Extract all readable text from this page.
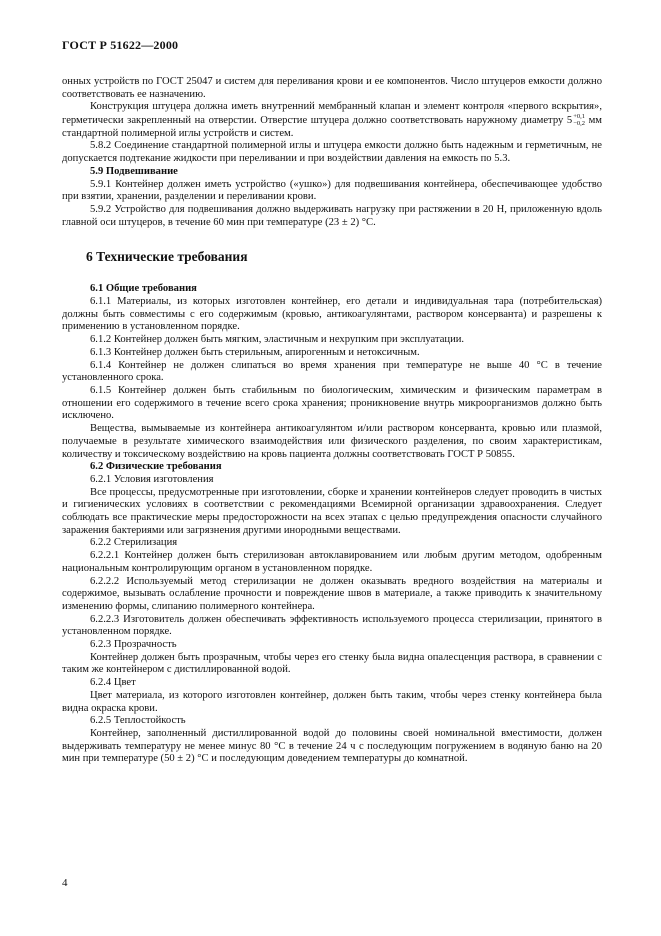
ГОСТ Р 51622—2000

онных устройств по ГОСТ 25047 и систем для переливания крови и ее компонентов. Число штуцеров емкости должно соответствовать ее назначению.

Конструкция штуцера должна иметь внутренний мембранный клапан и элемент контроля «первого вскрытия», герметически закрепленный на отверстии. Отверстие штуцера должно соответствовать наружному диаметру 5 +0,1
−0,2 мм стандартной полимерной иглы устройств и систем.

5.8.2 Соединение стандартной полимерной иглы и штуцера емкости должно быть надежным и герметичным, не допускается подтекание жидкости при переливании и при воздействии давления на емкость по 5.3.

5.9 Подвешивание

5.9.1 Контейнер должен иметь устройство («ушко») для подвешивания контейнера, обеспечивающее удобство при взятии, хранении, разделении и переливании крови.

5.9.2 Устройство для подвешивания должно выдерживать нагрузку при растяжении в 20 Н, приложенную вдоль главной оси штуцеров, в течение 60 мин при температуре (23 ± 2) °С.

6 Технические требования

6.1 Общие требования

6.1.1 Материалы, из которых изготовлен контейнер, его детали и индивидуальная тара (потребительская) должны быть совместимы с его содержимым (кровью, антикоагулянтами, раствором консерванта) и разрешены к применению в установленном порядке.

6.1.2 Контейнер должен быть мягким, эластичным и нехрупким при эксплуатации.

6.1.3 Контейнер должен быть стерильным, апирогенным и нетоксичным.

6.1.4 Контейнер не должен слипаться во время хранения при температуре не выше 40 °С в течение установленного срока.

6.1.5 Контейнер должен быть стабильным по биологическим, химическим и физическим параметрам в отношении его содержимого в течение всего срока хранения; проникновение внутрь микроорганизмов должно быть исключено.

Вещества, вымываемые из контейнера антикоагулянтом и/или раствором консерванта, кровью или плазмой, получаемые в результате химического взаимодействия или физического разделения, по своим характеристикам, количеству и токсическому воздействию на кровь пациента должны соответствовать ГОСТ Р 50855.

6.2 Физические требования

6.2.1 Условия изготовления

Все процессы, предусмотренные при изготовлении, сборке и хранении контейнеров следует проводить в чистых и гигиенических условиях в соответствии с рекомендациями Всемирной организации здравоохранения. Следует соблюдать все практические меры предосторожности на всех этапах с целью предупреждения опасности случайного заражения бактериями или загрязнения другими инородными веществами.

6.2.2 Стерилизация

6.2.2.1 Контейнер должен быть стерилизован автоклавированием или любым другим методом, одобренным национальным контролирующим органом в установленном порядке.

6.2.2.2 Используемый метод стерилизации не должен оказывать вредного воздействия на материалы и содержимое, вызывать ослабление прочности и повреждение швов в материале, а также приводить к значительному изменению формы, слипанию полимерного контейнера.

6.2.2.3 Изготовитель должен обеспечивать эффективность используемого процесса стерилизации, принятого в установленном порядке.

6.2.3 Прозрачность

Контейнер должен быть прозрачным, чтобы через его стенку была видна опалесценция раствора, в сравнении с таким же контейнером с дистиллированной водой.

6.2.4 Цвет

Цвет материала, из которого изготовлен контейнер, должен быть таким, чтобы через стенку контейнера была видна окраска крови.

6.2.5 Теплостойкость

Контейнер, заполненный дистиллированной водой до половины своей номинальной вместимости, должен выдерживать температуру не менее минус 80 °С в течение 24 ч с последующим погружением в водяную баню на 20 мин при температуре (50 ± 2) °С и последующим доведением температуры до комнатной.

4
